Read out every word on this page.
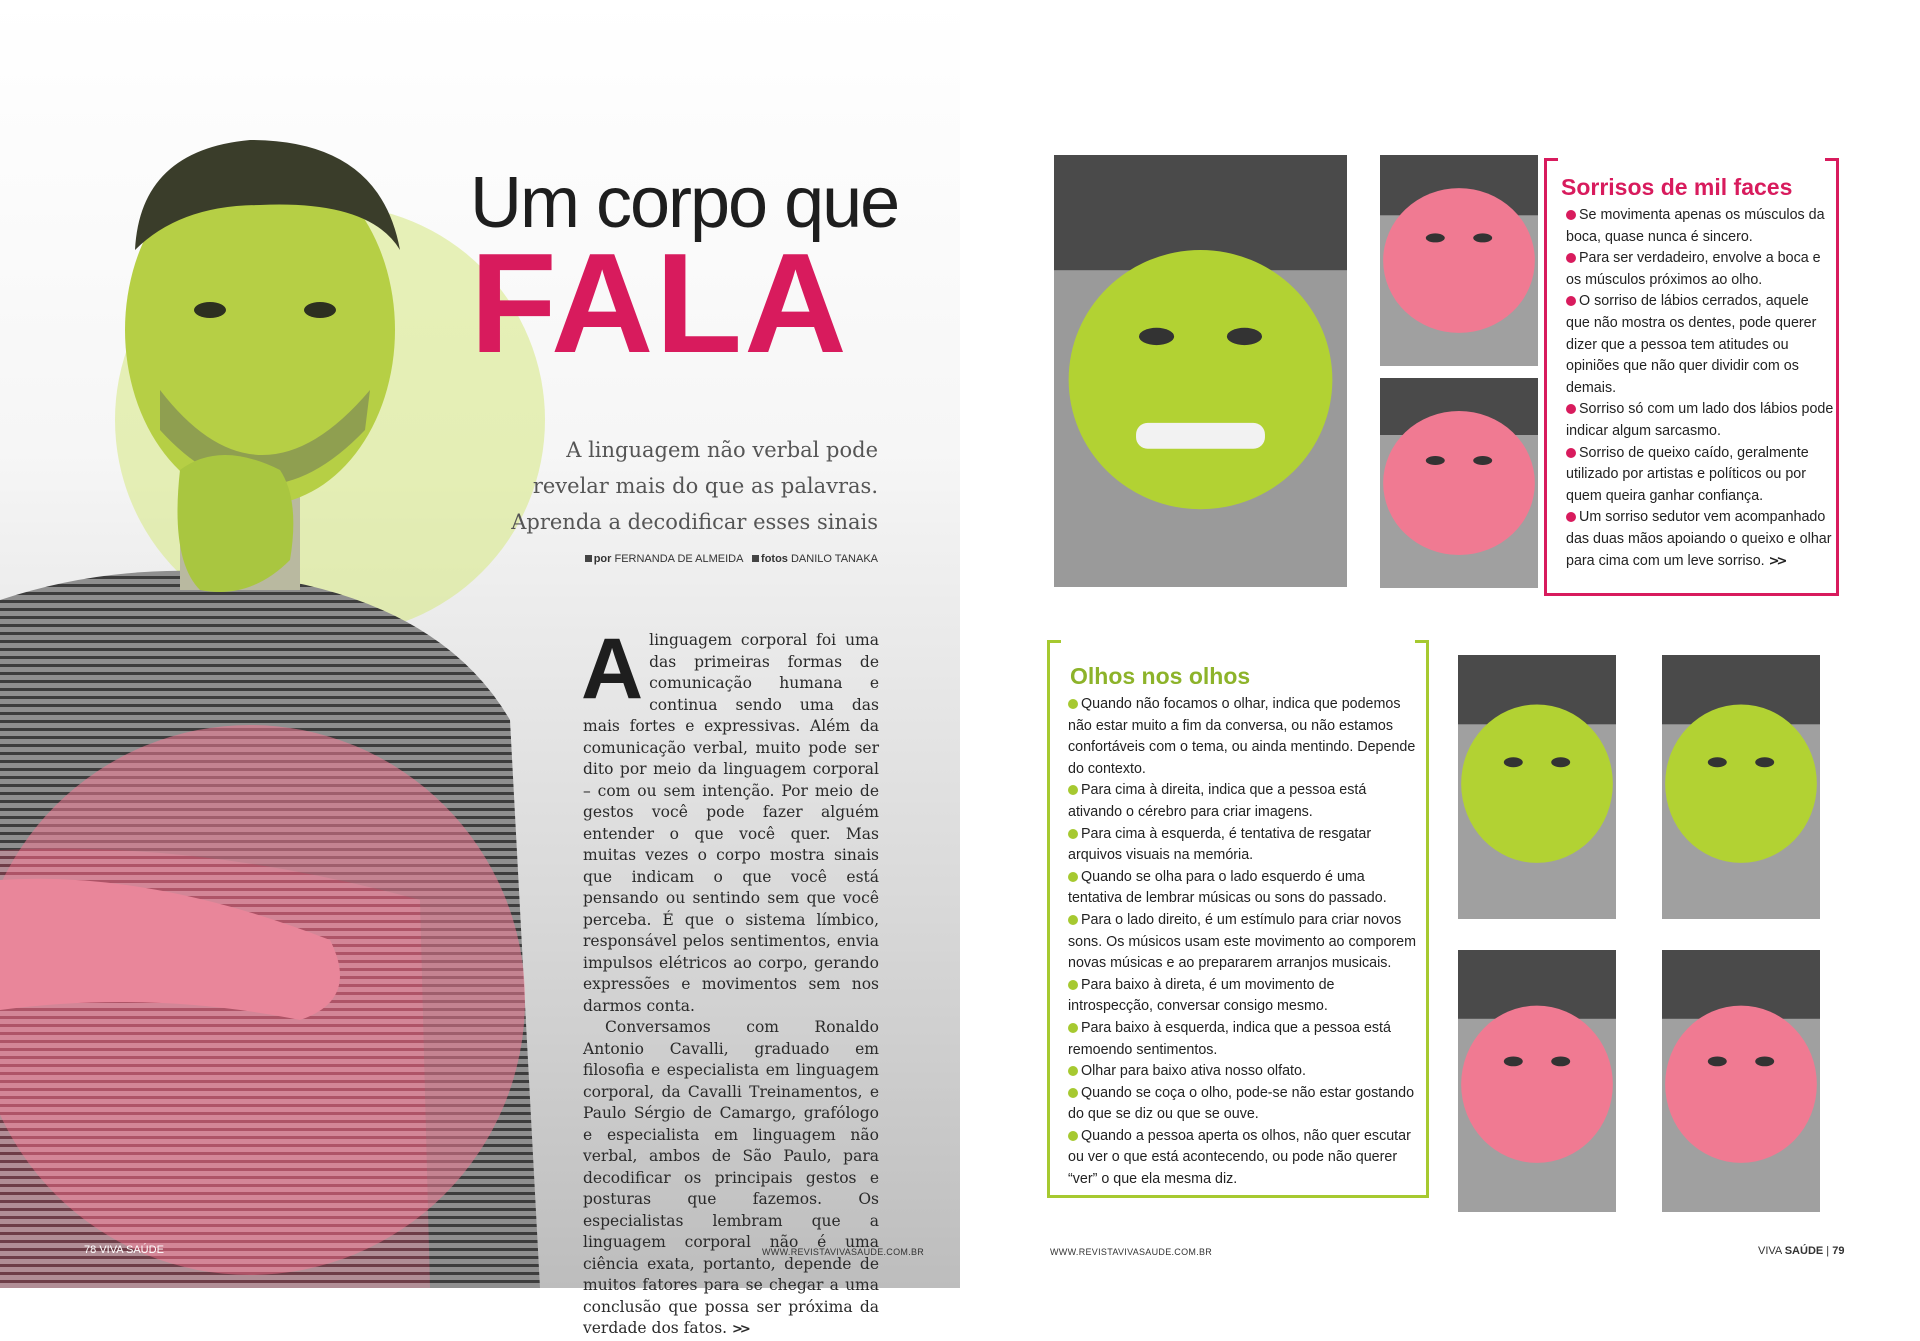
Um corpo que
FALA
A linguagem não verbal pode
revelar mais do que as palavras.
Aprenda a decodificar esses sinais
por FERNANDA DE ALMEIDA fotos DANILO TANAKA
A linguagem corporal foi uma das primeiras formas de comunicação humana e continua sendo uma das mais fortes e expressivas. Além da comunicação verbal, muito pode ser dito por meio da linguagem corporal – com ou sem intenção. Por meio de gestos você pode fazer alguém entender o que você quer. Mas muitas vezes o corpo mostra sinais que indicam o que você está pensando ou sentindo sem que você perceba. É que o sistema límbico, responsável pelos sentimentos, envia impulsos elétricos ao corpo, gerando expressões e movimentos sem nos darmos conta.

Conversamos com Ronaldo Antonio Cavalli, graduado em filosofia e especialista em linguagem corporal, da Cavalli Treinamentos, e Paulo Sérgio de Camargo, grafólogo e especialista em linguagem não verbal, ambos de São Paulo, para decodificar os principais gestos e posturas que fazemos. Os especialistas lembram que a linguagem corporal não é uma ciência exata, portanto, depende de muitos fatores para se chegar a uma conclusão que possa ser próxima da verdade dos fatos. >>

78 VIVA SAÚDE	WWW.REVISTAVIVASAUDE.COM.BR
Sorrisos de mil faces
Se movimenta apenas os músculos da boca, quase nunca é sincero.
Para ser verdadeiro, envolve a boca e os músculos próximos ao olho.
O sorriso de lábios cerrados, aquele que não mostra os dentes, pode querer dizer que a pessoa tem atitudes ou opiniões que não quer dividir com os demais.
Sorriso só com um lado dos lábios pode indicar algum sarcasmo.
Sorriso de queixo caído, geralmente utilizado por artistas e políticos ou por quem queira ganhar confiança.
Um sorriso sedutor vem acompanhado das duas mãos apoiando o queixo e olhar para cima com um leve sorriso. >>
Olhos nos olhos
Quando não focamos o olhar, indica que podemos não estar muito a fim da conversa, ou não estamos confortáveis com o tema, ou ainda mentindo. Depende do contexto.
Para cima à direita, indica que a pessoa está ativando o cérebro para criar imagens.
Para cima à esquerda, é tentativa de resgatar arquivos visuais na memória.
Quando se olha para o lado esquerdo é uma tentativa de lembrar músicas ou sons do passado.
Para o lado direito, é um estímulo para criar novos sons. Os músicos usam este movimento ao comporem novas músicas e ao prepararem arranjos musicais.
Para baixo à direta, é um movimento de introspecção, conversar consigo mesmo.
Para baixo à esquerda, indica que a pessoa está remoendo sentimentos.
Olhar para baixo ativa nosso olfato.
Quando se coça o olho, pode-se não estar gostando do que se diz ou que se ouve.
Quando a pessoa aperta os olhos, não quer escutar ou ver o que está acontecendo, ou pode não querer “ver” o que ela mesma diz.
WWW.REVISTAVIVASAUDE.COM.BR	VIVA SAÚDE | 79
